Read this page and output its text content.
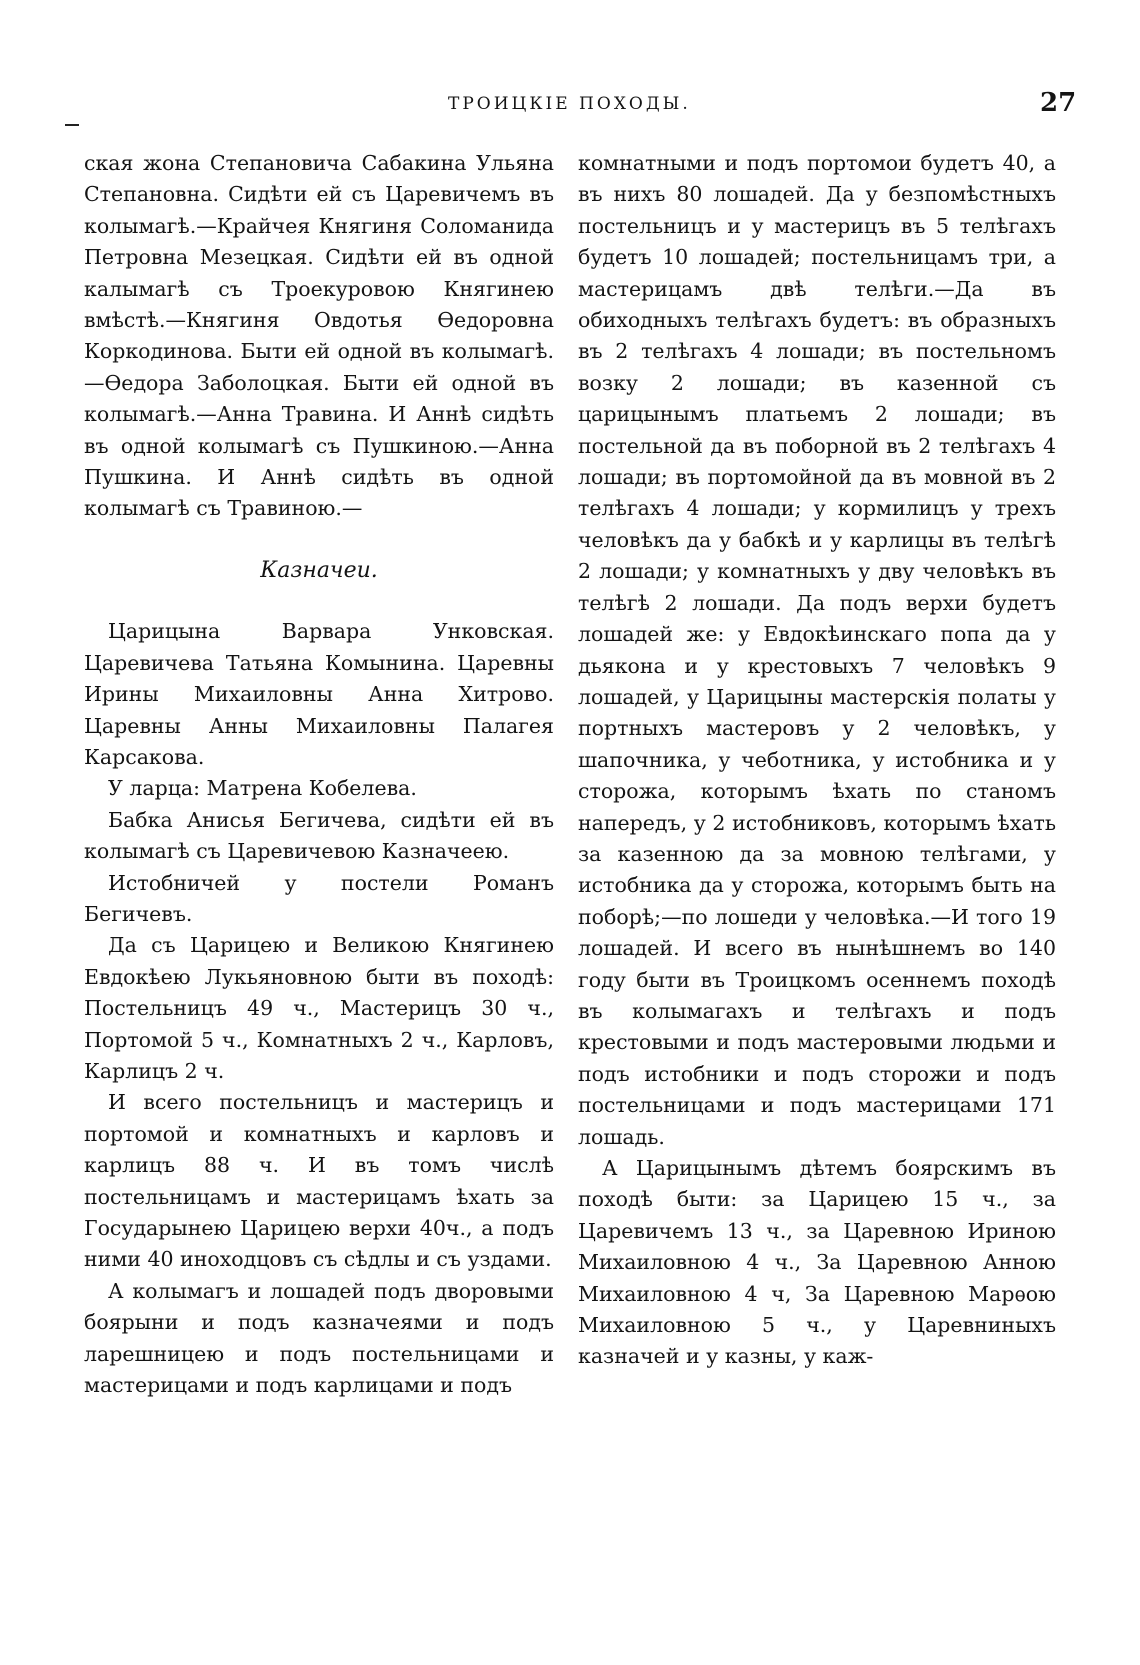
ТРОИЦКІЕ ПОХОДЫ.	27

ская жона Степановича Сабакина Ульяна Степановна. Сидѣти ей съ Царевичемъ въ колымагѣ.—Крайчея Княгиня Соломанида Петровна Мезецкая. Сидѣти ей въ одной калымагѣ съ Троекуровою Княгинею вмѣстѣ.—Княгиня Овдотья Ѳедоровна Коркодинова. Быти ей одной въ колымагѣ.—Ѳедора Заболоцкая. Быти ей одной въ колымагѣ.—Анна Травина. И Аннѣ сидѣть въ одной колымагѣ съ Пушкиною.—Анна Пушкина. И Аннѣ сидѣть въ одной колымагѣ съ Травиною.—

Казначеи.

Царицына Варвара Унковская. Царевичева Татьяна Комынина. Царевны Ирины Михаиловны Анна Хитрово. Царевны Анны Михаиловны Палагея Карсакова.

У ларца: Матрена Кобелева.

Бабка Анисья Бегичева, сидѣти ей въ колымагѣ съ Царевичевою Казначеею.

Истобничей у постели Романъ Бегичевъ.

Да съ Царицею и Великою Княгинею Евдокѣею Лукьяновною быти въ походѣ: Постельницъ 49 ч., Мастерицъ 30 ч., Портомой 5 ч., Комнатныхъ 2 ч., Карловъ, Карлицъ 2 ч.

И всего постельницъ и мастерицъ и портомой и комнатныхъ и карловъ и карлицъ 88 ч. И въ томъ числѣ постельницамъ и мастерицамъ ѣхать за Государынею Царицею верхи 40ч., а подъ ними 40 иноходцовъ съ сѣдлы и съ уздами.

А колымагъ и лошадей подъ дворовыми боярыни и подъ казначеями и подъ ларешницею и подъ постельницами и мастерицами и подъ карлицами и подъ

комнатными и подъ портомои будетъ 40, а въ нихъ 80 лошадей. Да у безпомѣстныхъ постельницъ и у мастерицъ въ 5 телѣгахъ будетъ 10 лошадей; постельницамъ три, а мастерицамъ двѣ телѣги.—Да въ обиходныхъ телѣгахъ будетъ: въ образныхъ въ 2 телѣгахъ 4 лошади; въ постельномъ возку 2 лошади; въ казенной съ царицынымъ платьемъ 2 лошади; въ постельной да въ поборной въ 2 телѣгахъ 4 лошади; въ портомойной да въ мовной въ 2 телѣгахъ 4 лошади; у кормилицъ у трехъ человѣкъ да у бабкѣ и у карлицы въ телѣгѣ 2 лошади; у комнатныхъ у дву человѣкъ въ телѣгѣ 2 лошади. Да подъ верхи будетъ лошадей же: у Евдокѣинскаго попа да у дьякона и у крестовыхъ 7 человѣкъ 9 лошадей, у Царицыны мастерскія полаты у портныхъ мастеровъ у 2 человѣкъ, у шапочника, у чеботника, у истобника и у сторожа, которымъ ѣхать по станомъ напередъ, у 2 истобниковъ, которымъ ѣхать за казенною да за мовною телѣгами, у истобника да у сторожа, которымъ быть на поборѣ;—по лошеди у человѣка.—И того 19 лошадей. И всего въ нынѣшнемъ во 140 году быти въ Троицкомъ осеннемъ походѣ въ колымагахъ и телѣгахъ и подъ крестовыми и подъ мастеровыми людьми и подъ истобники и подъ сторожи и подъ постельницами и подъ мастерицами 171 лошадь.

А Царицынымъ дѣтемъ боярскимъ въ походѣ быти: за Царицею 15 ч., за Царевичемъ 13 ч., за Царевною Ириною Михаиловною 4 ч., За Царевною Анною Михаиловною 4 ч, За Царевною Марѳою Михаиловною 5 ч., у Царевниныхъ казначей и у казны, у каж-
